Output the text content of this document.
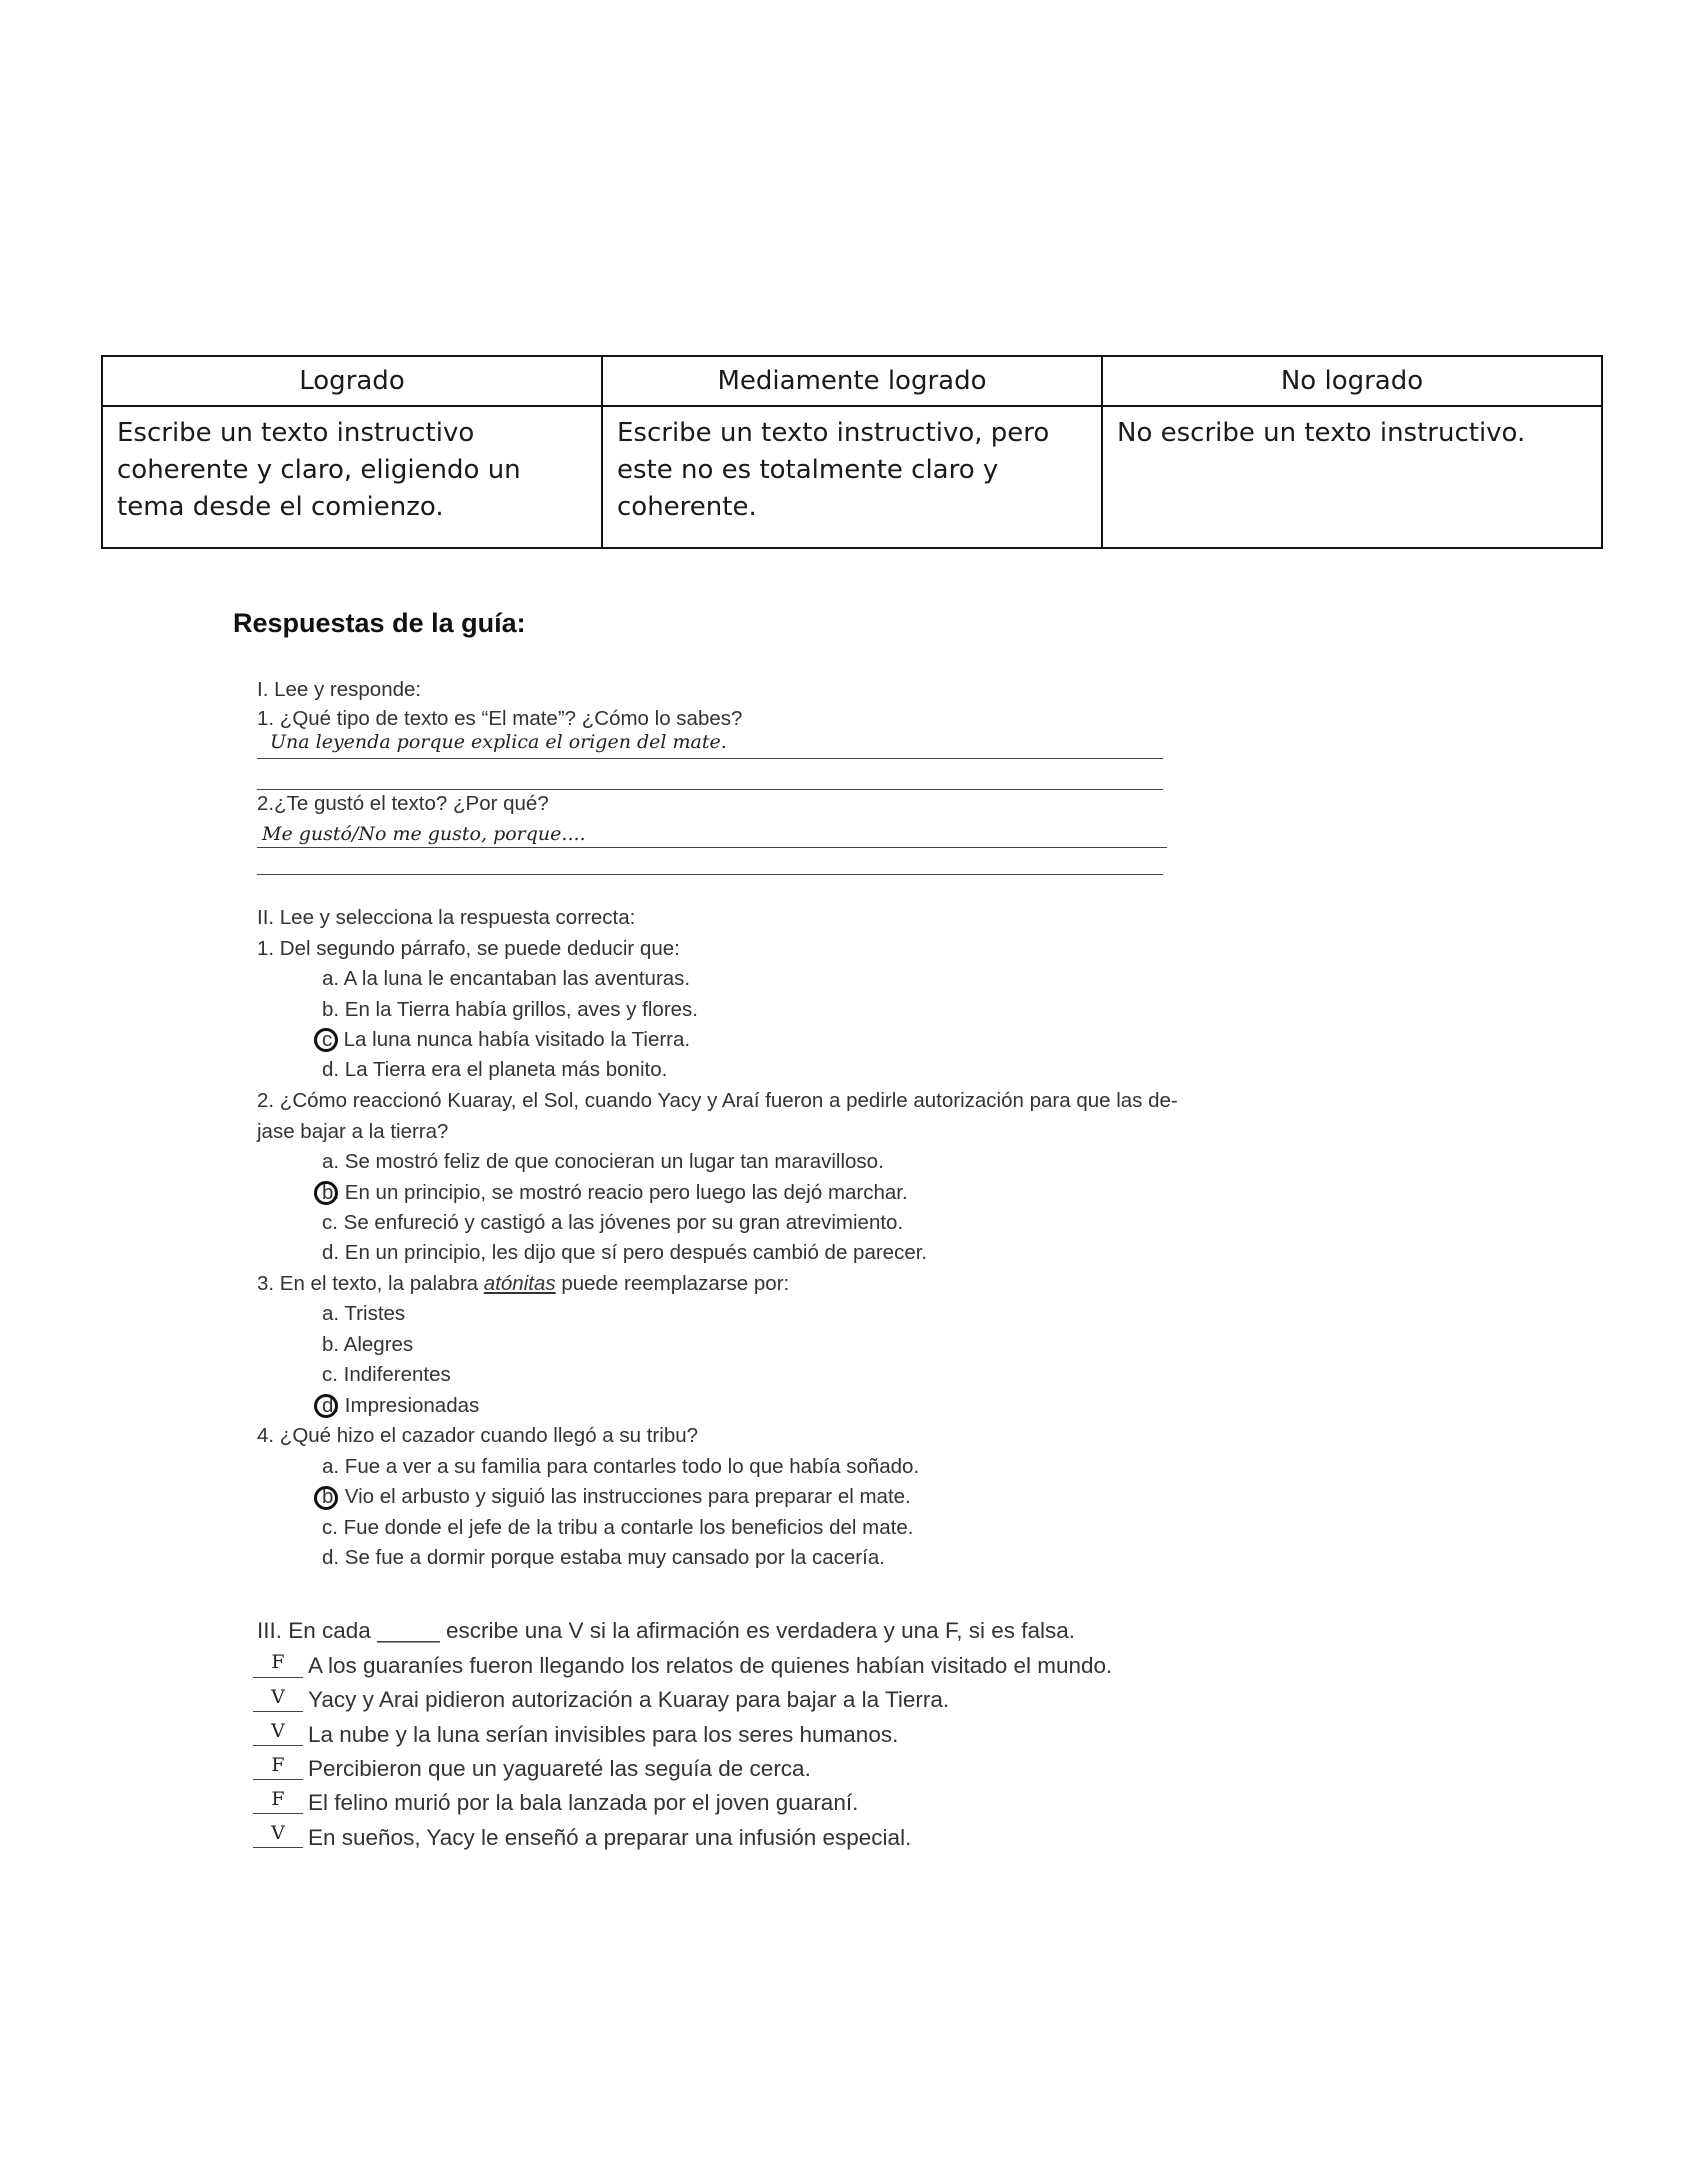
Logrado	Mediamente logrado	No logrado
Escribe un texto instructivo coherente y claro, eligiendo un tema desde el comienzo.	Escribe un texto instructivo, pero este no es totalmente claro y coherente.	No escribe un texto instructivo.
Respuestas de la guía:
I. Lee y responde:
1. ¿Qué tipo de texto es “El mate”? ¿Cómo lo sabes?
Una leyenda porque explica el origen del mate.
2.¿Te gustó el texto? ¿Por qué?
Me gustó/No me gusto, porque....
II. Lee y selecciona la respuesta correcta:
1. Del segundo párrafo, se puede deducir que:
a. A la luna le encantaban las aventuras.
b. En la Tierra había grillos, aves y flores.
c. La luna nunca había visitado la Tierra.
d. La Tierra era el planeta más bonito.
2. ¿Cómo reaccionó Kuaray, el Sol, cuando Yacy y Araí fueron a pedirle autorización para que las de-
jase bajar a la tierra?
a. Se mostró feliz de que conocieran un lugar tan maravilloso.
b. En un principio, se mostró reacio pero luego las dejó marchar.
c. Se enfureció y castigó a las jóvenes por su gran atrevimiento.
d. En un principio, les dijo que sí pero después cambió de parecer.
3. En el texto, la palabra atónitas puede reemplazarse por:
a. Tristes
b. Alegres
c. Indiferentes
d. Impresionadas
4. ¿Qué hizo el cazador cuando llegó a su tribu?
a. Fue a ver a su familia para contarles todo lo que había soñado.
b. Vio el arbusto y siguió las instrucciones para preparar el mate.
c. Fue donde el jefe de la tribu a contarle los beneficios del mate.
d. Se fue a dormir porque estaba muy cansado por la cacería.
III. En cada _____ escribe una V si la afirmación es verdadera y una F, si es falsa.
F	A los guaraníes fueron llegando los relatos de quienes habían visitado el mundo.
V	Yacy y Arai pidieron autorización a Kuaray para bajar a la Tierra.
V	La nube y la luna serían invisibles para los seres humanos.
F	Percibieron que un yaguareté las seguía de cerca.
F	El felino murió por la bala lanzada por el joven guaraní.
V	En sueños, Yacy le enseñó a preparar una infusión especial.
